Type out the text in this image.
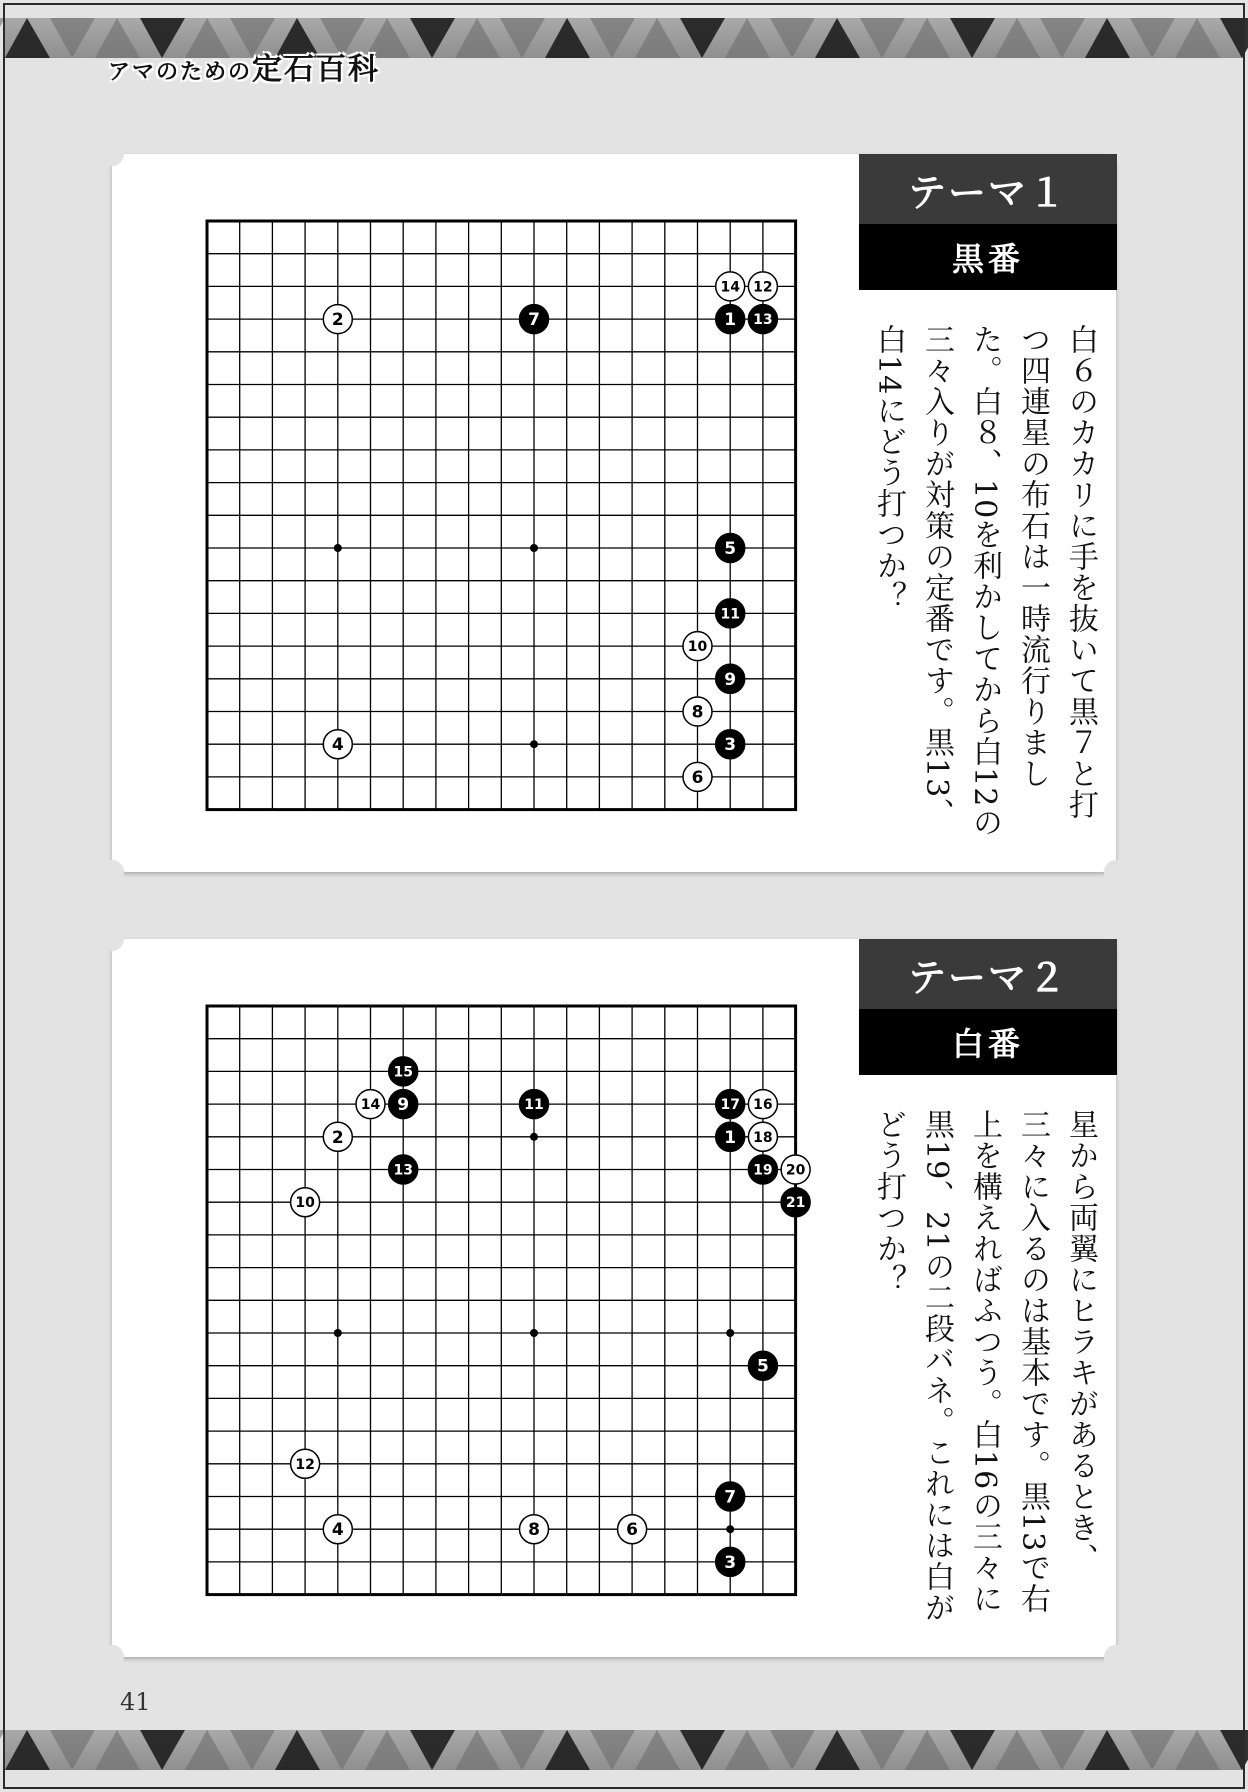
アマのための定石百科
1
2
3
4
5
6
7
8
9
10
11
12
13
14
テーマ１
黒番
白６のカカリに手を抜いて黒７と打つ四連星の布石は一時流行りました。白８、10を利かしてから白12の三々入りが対策の定番です。黒13、白14にどう打つか？
1
2
3
4
5
6
7
8
9
10
11
12
13
14
15
16
17
18
19 20
21
テーマ２
白番
星から両翼にヒラキがあるとき、三々に入るのは基本です。黒13で右上を構えればふつう。白16の三々に黒19、21の二段バネ。これには白がどう打つか？
41
